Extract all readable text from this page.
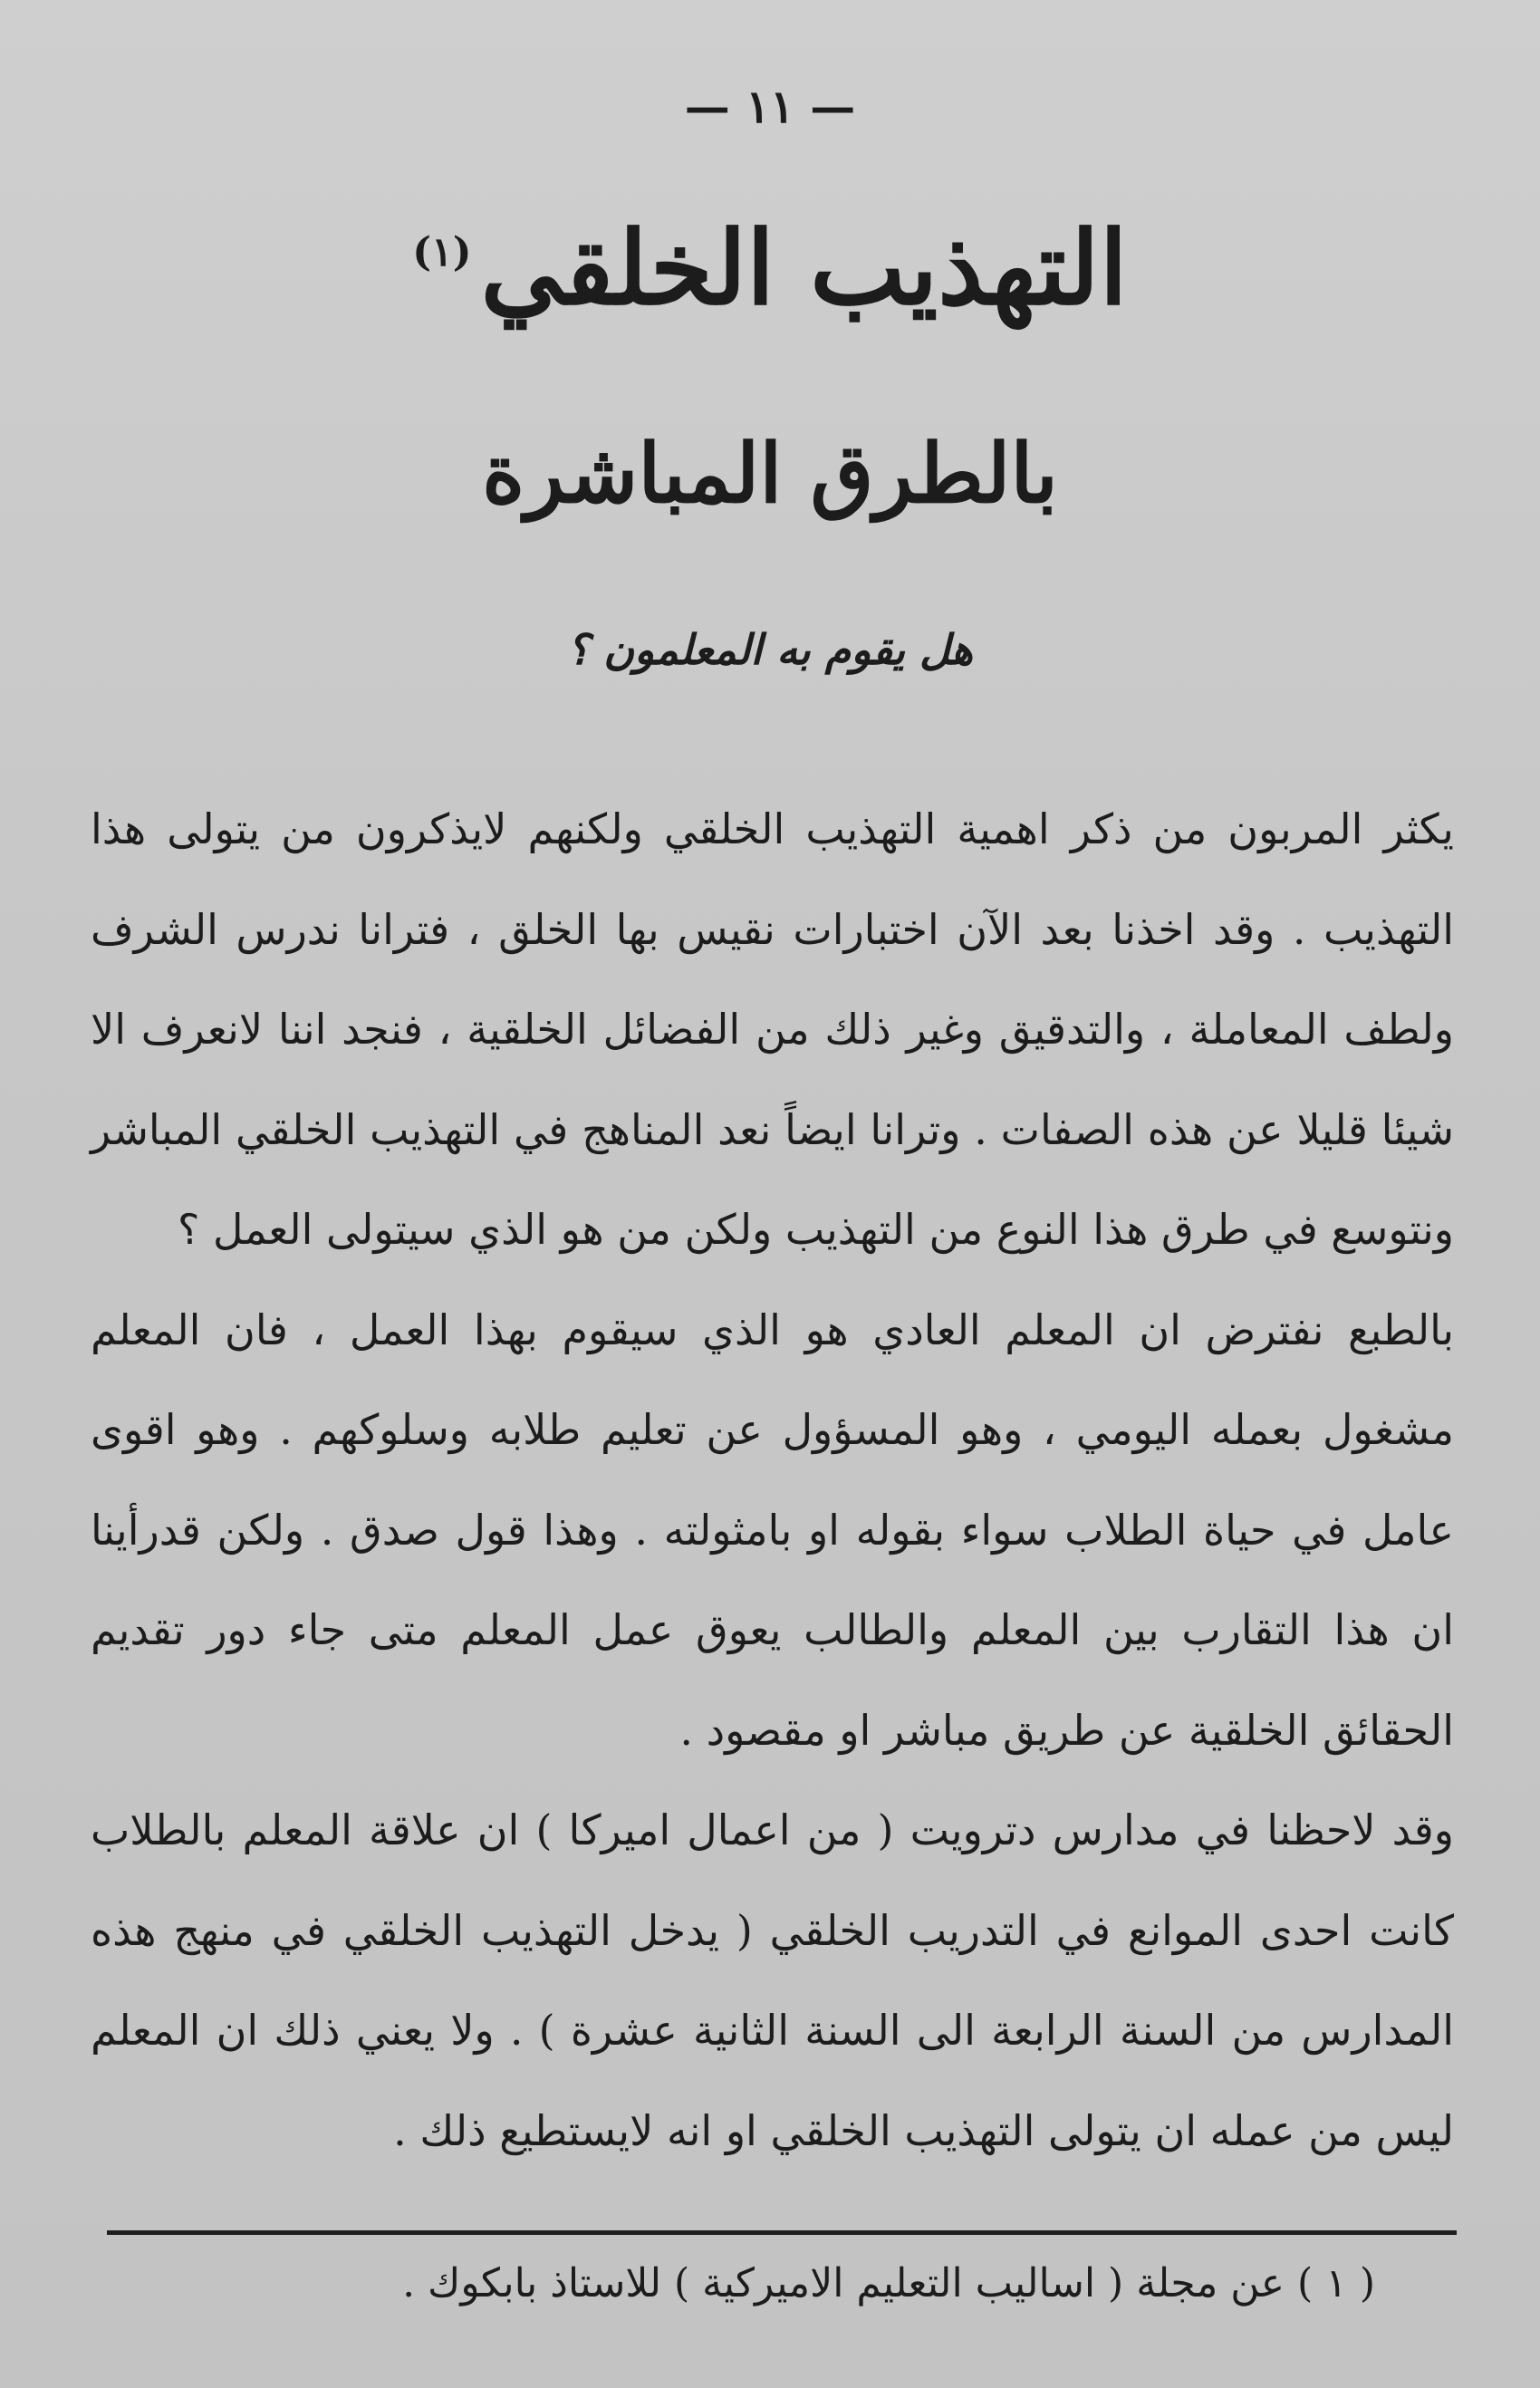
— ١١ —
التهذيب الخلقي$^{(١)}$
بالطرق المباشرة
هل يقوم به المعلمون ؟

يكثر المربون من ذكر اهمية التهذيب الخلقي ولكنهم لايذكرون من يتولى هذا التهذيب . وقد اخذنا بعد الآن اختبارات نقيس بها الخلق ، فترانا ندرس الشرف ولطف المعاملة ، والتدقيق وغير ذلك من الفضائل الخلقية ، فنجد اننا لانعرف الا شيئا قليلا عن هذه الصفات . وترانا ايضاً نعد المناهج في التهذيب الخلقي المباشر ونتوسع في طرق هذا النوع من التهذيب ولكن من هو الذي سيتولى العمل ؟

بالطبع نفترض ان المعلم العادي هو الذي سيقوم بهذا العمل ، فان المعلم مشغول بعمله اليومي ، وهو المسؤول عن تعليم طلابه وسلوكهم . وهو اقوى عامل في حياة الطلاب سواء بقوله او بامثولته . وهذا قول صدق . ولكن قدرأينا ان هذا التقارب بين المعلم والطالب يعوق عمل المعلم متى جاء دور تقديم الحقائق الخلقية عن طريق مباشر او مقصود .

وقد لاحظنا في مدارس دترويت ( من اعمال اميركا ) ان علاقة المعلم بالطلاب كانت احدى الموانع في التدريب الخلقي ( يدخل التهذيب الخلقي في منهج هذه المدارس من السنة الرابعة الى السنة الثانية عشرة ) . ولا يعني ذلك ان المعلم ليس من عمله ان يتولى التهذيب الخلقي او انه لايستطيع ذلك .

( ١ ) عن مجلة ( اساليب التعليم الاميركية ) للاستاذ بابكوك .
